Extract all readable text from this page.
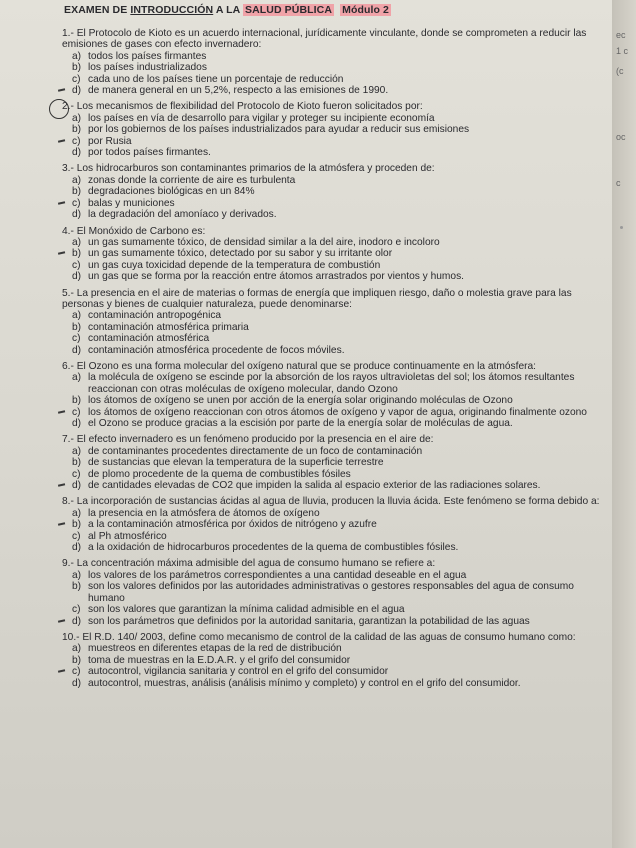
EXAMEN DE INTRODUCCIÓN A LA SALUD PÚBLICA Módulo 2
1.- El Protocolo de Kioto es un acuerdo internacional, jurídicamente vinculante, donde se comprometen a reducir las emisiones de gases con efecto invernadero:
a) todos los países firmantes
b) los países industrializados
c) cada uno de los países tiene un porcentaje de reducción
d) de manera general en un 5,2%, respecto a las emisiones de 1990.
2.- Los mecanismos de flexibilidad del Protocolo de Kioto fueron solicitados por:
a) los países en vía de desarrollo para vigilar y proteger su incipiente economía
b) por los gobiernos de los países industrializados para ayudar a reducir sus emisiones
c) por Rusia
d) por todos países firmantes.
3.- Los hidrocarburos son contaminantes primarios de la atmósfera y proceden de:
a) zonas donde la corriente de aire es turbulenta
b) degradaciones biológicas en un 84%
c) balas y municiones
d) la degradación del amoníaco y derivados.
4.- El Monóxido de Carbono es:
a) un gas sumamente tóxico, de densidad similar a la del aire, inodoro e incoloro
b) un gas sumamente tóxico, detectado por su sabor y su irritante olor
c) un gas cuya toxicidad depende de la temperatura de combustión
d) un gas que se forma por la reacción entre átomos arrastrados por vientos y humos.
5.- La presencia en el aire de materias o formas de energía que impliquen riesgo, daño o molestia grave para las personas y bienes de cualquier naturaleza, puede denominarse:
a) contaminación antropogénica
b) contaminación atmosférica primaria
c) contaminación atmosférica
d) contaminación atmosférica procedente de focos móviles.
6.- El Ozono es una forma molecular del oxígeno natural que se produce continuamente en la atmósfera:
a) la molécula de oxígeno se escinde por la absorción de los rayos ultravioletas del sol; los átomos resultantes reaccionan con otras moléculas de oxígeno molecular, dando Ozono
b) los átomos de oxígeno se unen por acción de la energía solar originando moléculas de Ozono
c) los átomos de oxígeno reaccionan con otros átomos de oxígeno y vapor de agua, originando finalmente ozono
d) el Ozono se produce gracias a la escisión por parte de la energía solar de moléculas de agua.
7.- El efecto invernadero es un fenómeno producido por la presencia en el aire de:
a) de contaminantes procedentes directamente de un foco de contaminación
b) de sustancias que elevan la temperatura de la superficie terrestre
c) de plomo procedente de la quema de combustibles fósiles
d) de cantidades elevadas de CO2 que impiden la salida al espacio exterior de las radiaciones solares.
8.- La incorporación de sustancias ácidas al agua de lluvia, producen la lluvia ácida. Este fenómeno se forma debido a:
a) la presencia en la atmósfera de átomos de oxígeno
b) a la contaminación atmosférica por óxidos de nitrógeno y azufre
c) al Ph atmosférico
d) a la oxidación de hidrocarburos procedentes de la quema de combustibles fósiles.
9.- La concentración máxima admisible del agua de consumo humano se refiere a:
a) los valores de los parámetros correspondientes a una cantidad deseable en el agua
b) son los valores definidos por las autoridades administrativas o gestores responsables del agua de consumo humano
c) son los valores que garantizan la mínima calidad admisible en el agua
d) son los parámetros que definidos por la autoridad sanitaria, garantizan la potabilidad de las aguas
10.- El R.D. 140/ 2003, define como mecanismo de control de la calidad de las aguas de consumo humano como:
a) muestreos en diferentes etapas de la red de distribución
b) toma de muestras en la E.D.A.R. y el grifo del consumidor
c) autocontrol, vigilancia sanitaria y control en el grifo del consumidor
d) autocontrol, muestras, análisis (análisis mínimo y completo) y control en el grifo del consumidor.
ec
1 c
(c
oc
c
